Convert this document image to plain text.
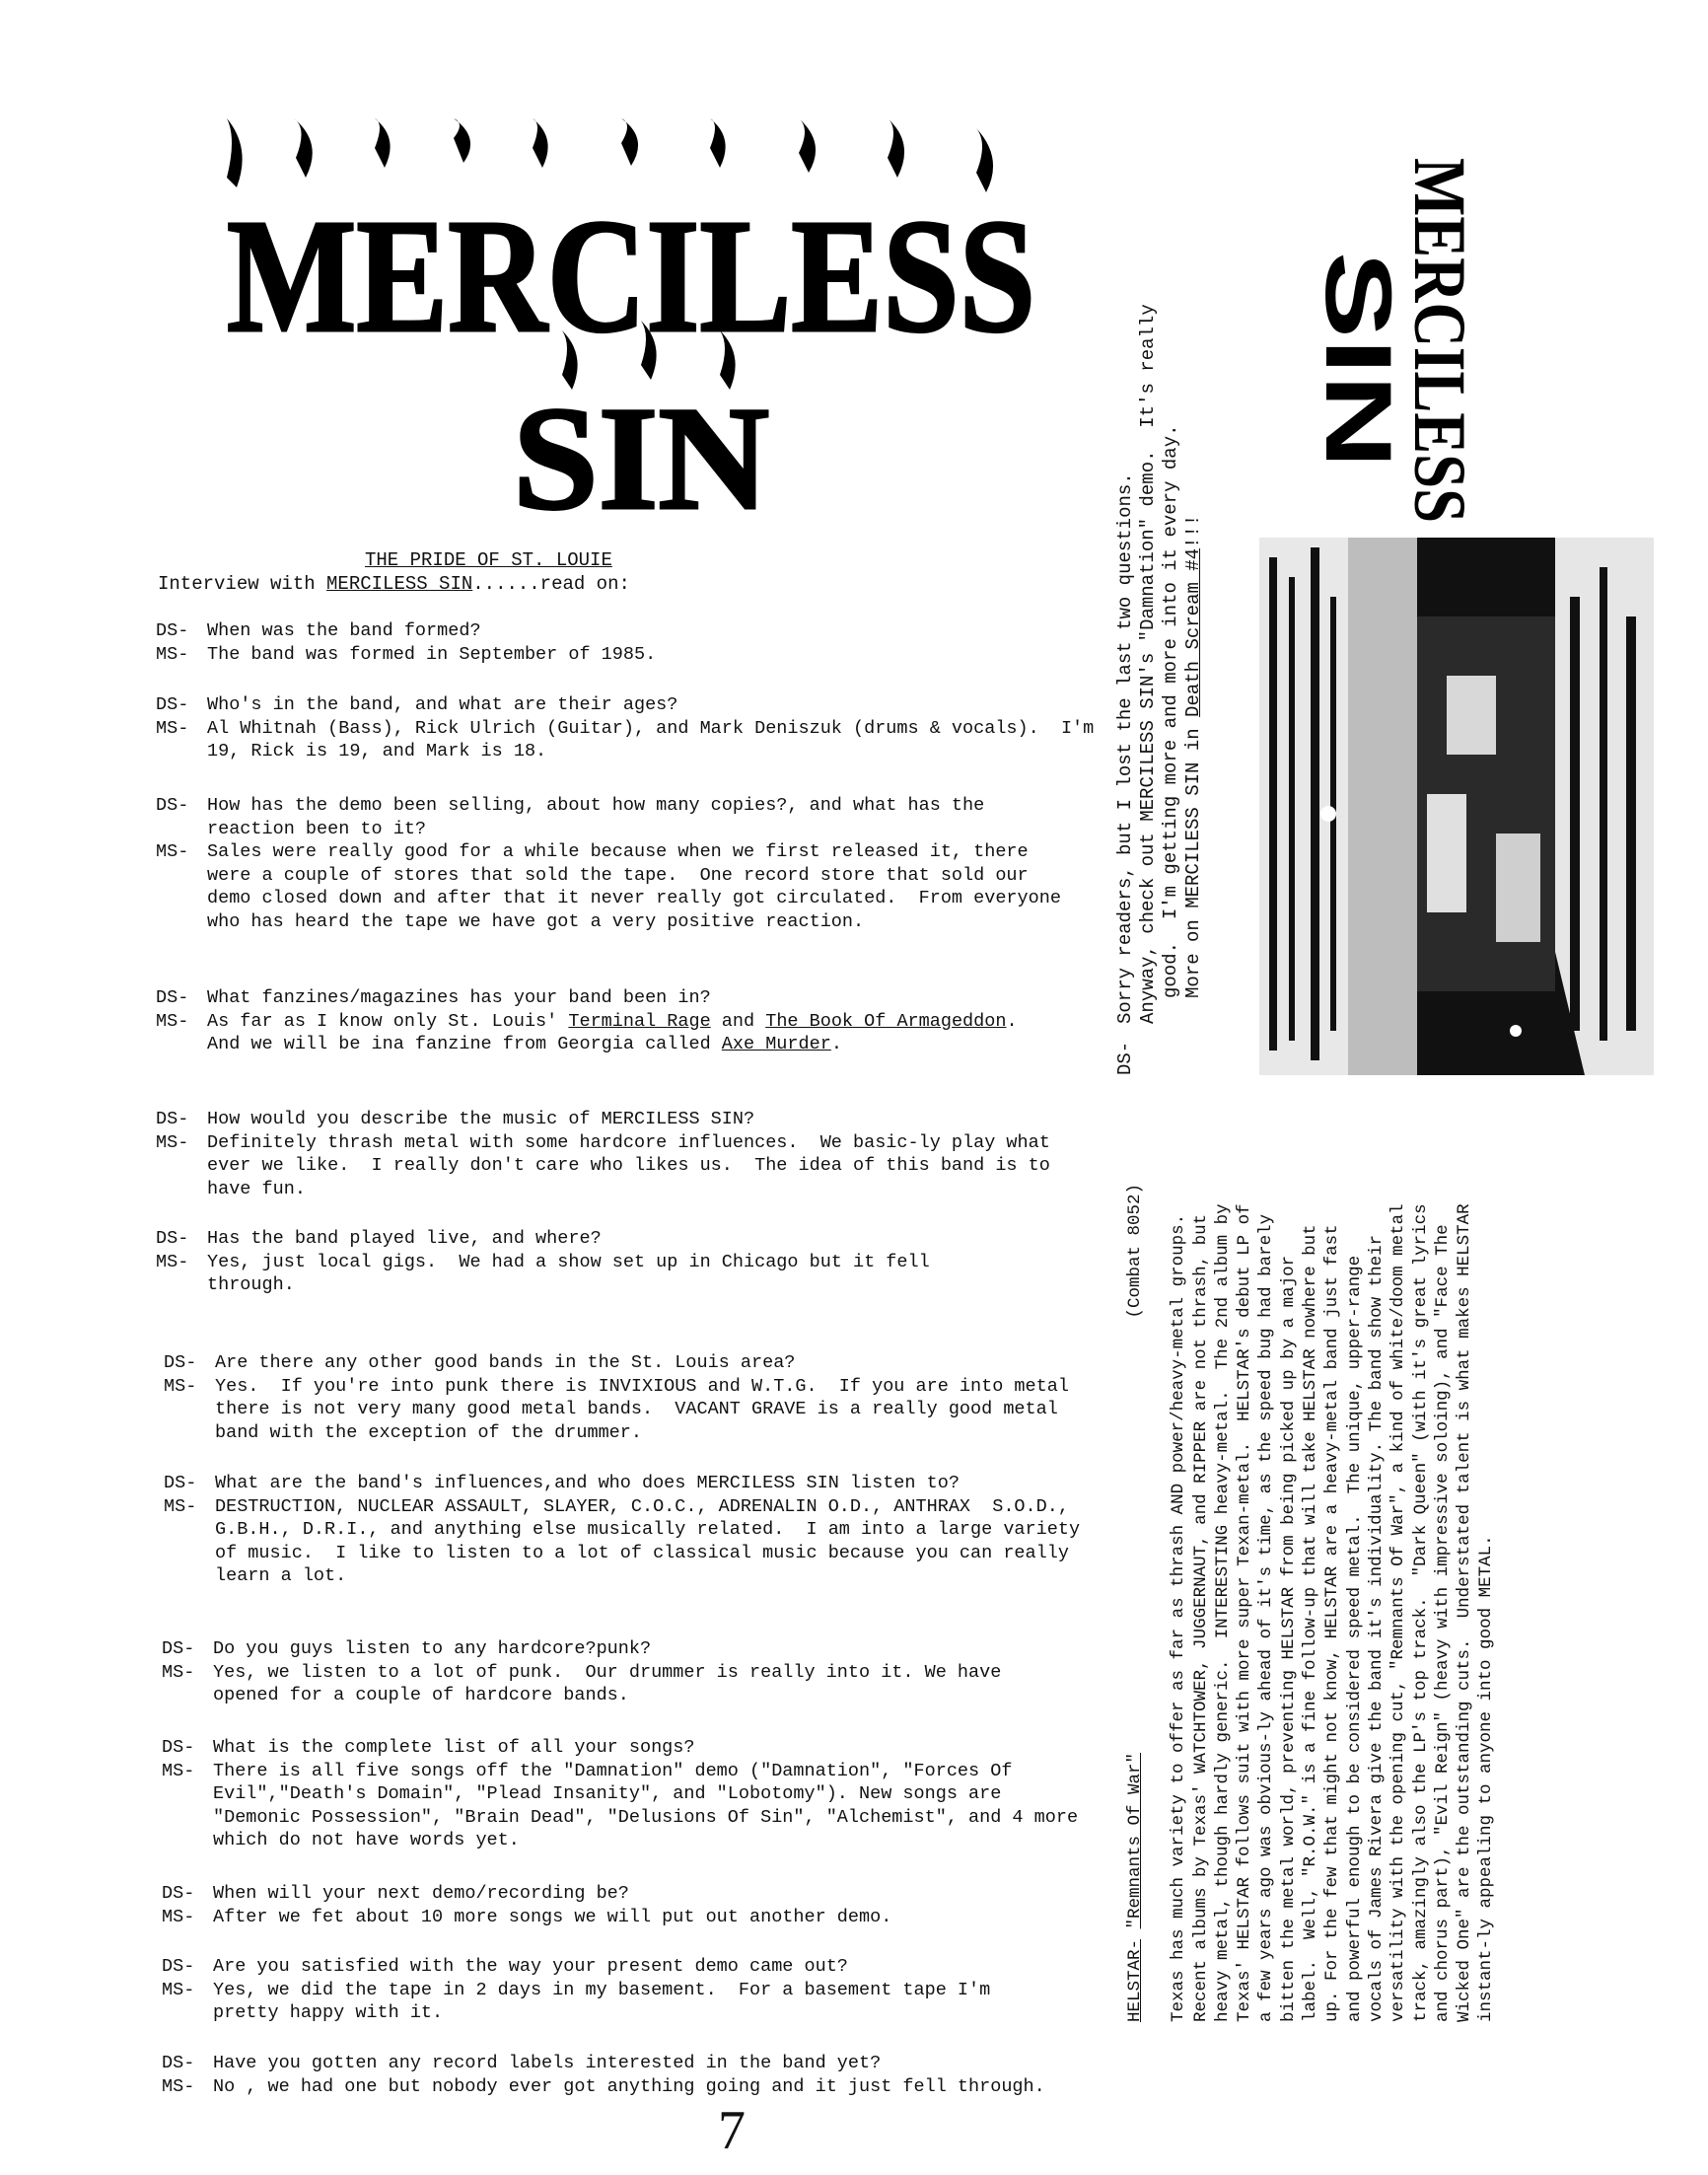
MERCILESS
SIN	MERCILESS
SIN
THE PRIDE OF ST. LOUIE
Interview with MERCILESS SIN......read on:
DS-	When was the band formed?
MS-	The band was formed in September of 1985.
DS-	Who's in the band, and what are their ages?
MS-	Al Whitnah (Bass), Rick Ulrich (Guitar), and Mark Deniszuk (drums & vocals).  I'm 19, Rick is 19, and Mark is 18.
DS-	How has the demo been selling, about how many copies?, and what has the reaction been to it?
MS-	Sales were really good for a while because when we first released it, there were a couple of stores that sold the tape.  One record store that sold our demo closed down and after that it never really got circulated.  From everyone who has heard the tape we have got a very positive reaction.
DS-	What fanzines/magazines has your band been in?
MS-	As far as I know only St. Louis' Terminal Rage and The Book Of Armageddon.  And we will be ina fanzine from Georgia called Axe Murder.
DS-	How would you describe the music of MERCILESS SIN?
MS-	Definitely thrash metal with some hardcore influences.  We basic-ly play what ever we like.  I really don't care who likes us.  The idea of this band is to have fun.
DS-	Has the band played live, and where?
MS-	Yes, just local gigs.  We had a show set up in Chicago but it fell through.
DS-	Are there any other good bands in the St. Louis area?
MS-	Yes.  If you're into punk there is INVIXIOUS and W.T.G.  If you are into metal there is not very many good metal bands.  VACANT GRAVE is a really good metal band with the exception of the drummer.
DS-	What are the band's influences,and who does MERCILESS SIN listen to?
MS-	DESTRUCTION, NUCLEAR ASSAULT, SLAYER, C.O.C., ADRENALIN O.D., ANTHRAX  S.O.D., G.B.H., D.R.I., and anything else musically related.  I am into a large variety of music.  I like to listen to a lot of classical music because you can really learn a lot.
DS-	Do you guys listen to any hardcore?punk?
MS-	Yes, we listen to a lot of punk.  Our drummer is really into it. We have opened for a couple of hardcore bands.
DS-	What is the complete list of all your songs?
MS-	There is all five songs off the "Damnation" demo ("Damnation", "Forces Of Evil","Death's Domain", "Plead Insanity", and "Lobotomy"). New songs are "Demonic Possession", "Brain Dead", "Delusions Of Sin", "Alchemist", and 4 more which do not have words yet.
DS-	When will your next demo/recording be?
MS-	After we fet about 10 more songs we will put out another demo.
DS-	Are you satisfied with the way your present demo came out?
MS-	Yes, we did the tape in 2 days in my basement.  For a basement tape I'm pretty happy with it.
DS-	Have you gotten any record labels interested in the band yet?
MS-	No , we had one but nobody ever got anything going and it just fell through.
DS-
Sorry readers, but I lost the last two questions. Anyway, check out MERCILESS SIN's "Damnation" demo.  It's really good.  I'm getting more and more into it every day. More on MERCILESS SIN in Death Scream #4!!!
HELSTAR- "Remnants Of War"
(Combat 8052) Texas has much variety to offer as far as thrash AND power/heavy-metal groups.  Recent albums by Texas' WATCHTOWER, JUGGERNAUT, and RIPPER are not thrash, but heavy metal, though hardly generic.  INTERESTING heavy-metal.  The 2nd album by Texas' HELSTAR follows suit with more super Texan-metal.  HELSTAR's debut LP of a few years ago was obvious-ly ahead of it's time, as the speed bug had barely bitten the metal world, preventing HELSTAR from being picked up by a major label.  Well, "R.O.W." is a fine follow-up that will take HELSTAR nowhere but up. For the few that might not know, HELSTAR are a heavy-metal band just fast and powerful enough to be considered speed metal.  The unique, upper-range vocals of James Rivera give the band it's individuality. The band show their versatility with the opening cut, "Remnants Of War", a kind of white/doom metal track, amazingly also the LP's top track.  "Dark Queen" (with it's great lyrics and chorus part), "Evil Reign" (heavy with impressive soloing), and "Face The Wicked One" are the outstanding cuts.  Understated talent is what makes HELSTAR instant-ly appealing to anyone into good METAL.
7
